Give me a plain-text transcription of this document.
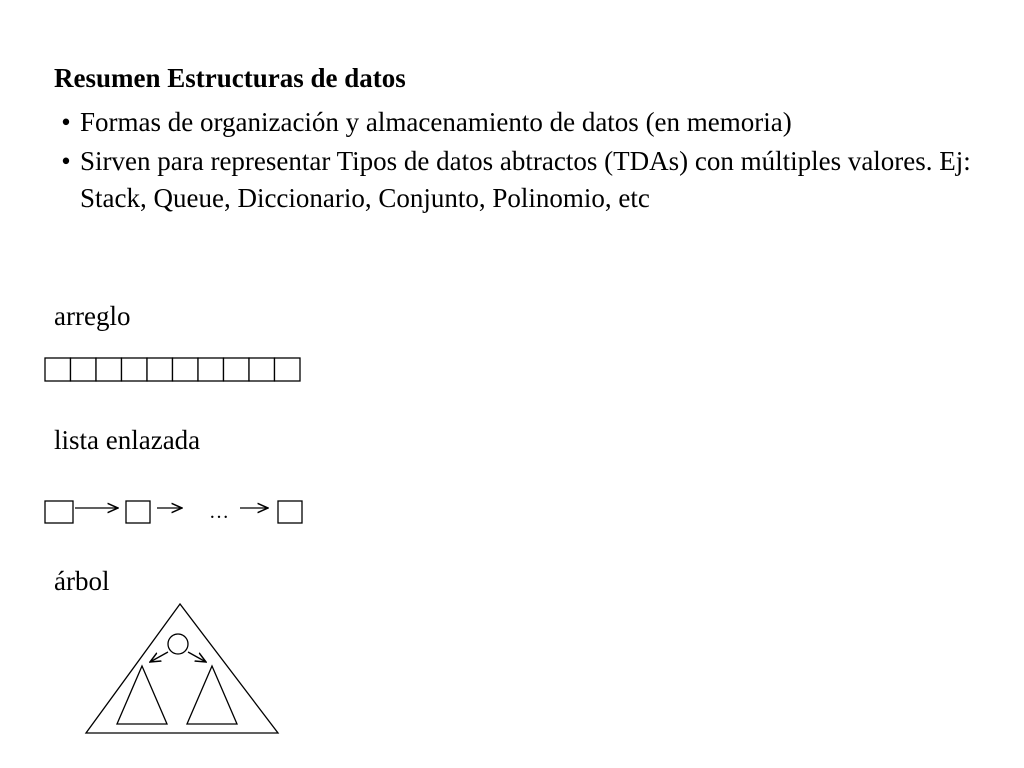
Resumen Estructuras de datos
• Formas de organización y almacenamiento de datos (en memoria)
• Sirven para representar Tipos de datos abtractos (TDAs) con múltiples valores. Ej: Stack, Queue, Diccionario, Conjunto, Polinomio, etc
arreglo
lista enlazada
árbol
…
